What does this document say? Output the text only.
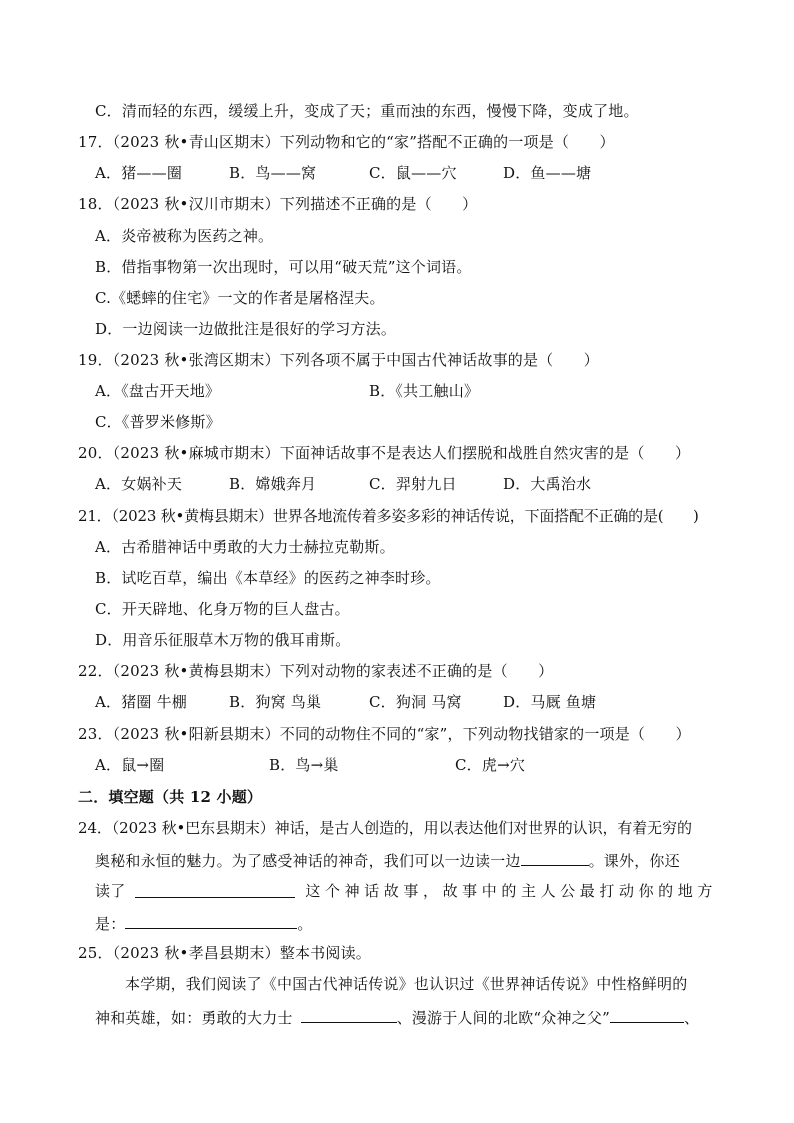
C．清而轻的东西，缓缓上升，变成了天；重而浊的东西，慢慢下降，变成了地。
17．（2023 秋•青山区期末）下列动物和它的“家”搭配不正确的一项是（　　）
A．猪——圈	B．鸟——窝	C．鼠——穴	D．鱼——塘
18．（2023 秋•汉川市期末）下列描述不正确的是（　　）
A．炎帝被称为医药之神。
B．借指事物第一次出现时，可以用“破天荒”这个词语。
C.《蟋蟀的住宅》一文的作者是屠格涅夫。
D．一边阅读一边做批注是很好的学习方法。
19．（2023 秋•张湾区期末）下列各项不属于中国古代神话故事的是（　　）
A．《盘古开天地》	B．《共工触山》
C．《普罗米修斯》
20．（2023 秋•麻城市期末）下面神话故事不是表达人们摆脱和战胜自然灾害的是（　　）
A．女娲补天	B．嫦娥奔月	C．羿射九日	D．大禹治水
21．（2023 秋•黄梅县期末）世界各地流传着多姿多彩的神话传说，下面搭配不正确的是(　　)
A．古希腊神话中勇敢的大力士赫拉克勒斯。
B．试吃百草，编出《本草经》的医药之神李时珍。
C．开天辟地、化身万物的巨人盘古。
D．用音乐征服草木万物的俄耳甫斯。
22．（2023 秋•黄梅县期末）下列对动物的家表述不正确的是（　　）
A．猪圈 牛棚	B．狗窝 鸟巢	C．狗洞 马窝	D．马厩 鱼塘
23．（2023 秋•阳新县期末）不同的动物住不同的“家”，下列动物找错家的一项是（　　）
A．鼠→圈	B．鸟→巢	C．虎→穴
二．填空题（共 12 小题）
24．（2023 秋•巴东县期末）神话，是古人创造的，用以表达他们对世界的认识，有着无穷的
奥秘和永恒的魅力。为了感受神话的神奇，我们可以一边读一边	。课外，你还
读了	这个神话故事，故事中的主人公最打动你的地方
是：	。
25．（2023 秋•孝昌县期末）整本书阅读。
本学期，我们阅读了《中国古代神话传说》也认识过《世界神话传说》中性格鲜明的
神和英雄，如：勇敢的大力士	、漫游于人间的北欧“众神之父”	、
